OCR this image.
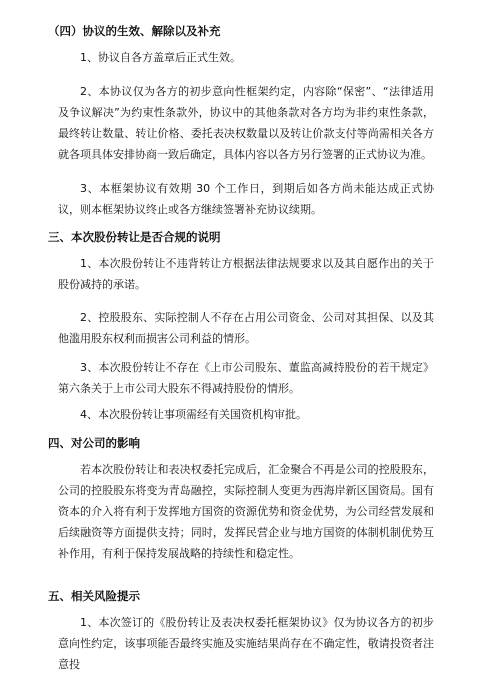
（四）协议的生效、解除以及补充

1、协议自各方盖章后正式生效。

2、本协议仅为各方的初步意向性框架约定，内容除“保密”、“法律适用及争议解决”为约束性条款外，协议中的其他条款对各方均为非约束性条款，最终转让数量、转让价格、委托表决权数量以及转让价款支付等尚需相关各方就各项具体安排协商一致后确定，具体内容以各方另行签署的正式协议为准。

3、本框架协议有效期 30 个工作日，到期后如各方尚未能达成正式协议，则本框架协议终止或各方继续签署补充协议续期。

三、本次股份转让是否合规的说明

1、本次股份转让不违背转让方根据法律法规要求以及其自愿作出的关于股份减持的承诺。

2、控股股东、实际控制人不存在占用公司资金、公司对其担保、以及其他滥用股东权利而损害公司利益的情形。

3、本次股份转让不存在《上市公司股东、董监高减持股份的若干规定》第六条关于上市公司大股东不得减持股份的情形。

4、本次股份转让事项需经有关国资机构审批。

四、对公司的影响

若本次股份转让和表决权委托完成后，汇金聚合不再是公司的控股股东，公司的控股股东将变为青岛融控，实际控制人变更为西海岸新区国资局。国有资本的介入将有利于发挥地方国资的资源优势和资金优势，为公司经营发展和后续融资等方面提供支持；同时，发挥民营企业与地方国资的体制机制优势互补作用，有利于保持发展战略的持续性和稳定性。

五、相关风险提示

1、本次签订的《股份转让及表决权委托框架协议》仅为协议各方的初步意向性约定，该事项能否最终实施及实施结果尚存在不确定性，敬请投资者注意投
